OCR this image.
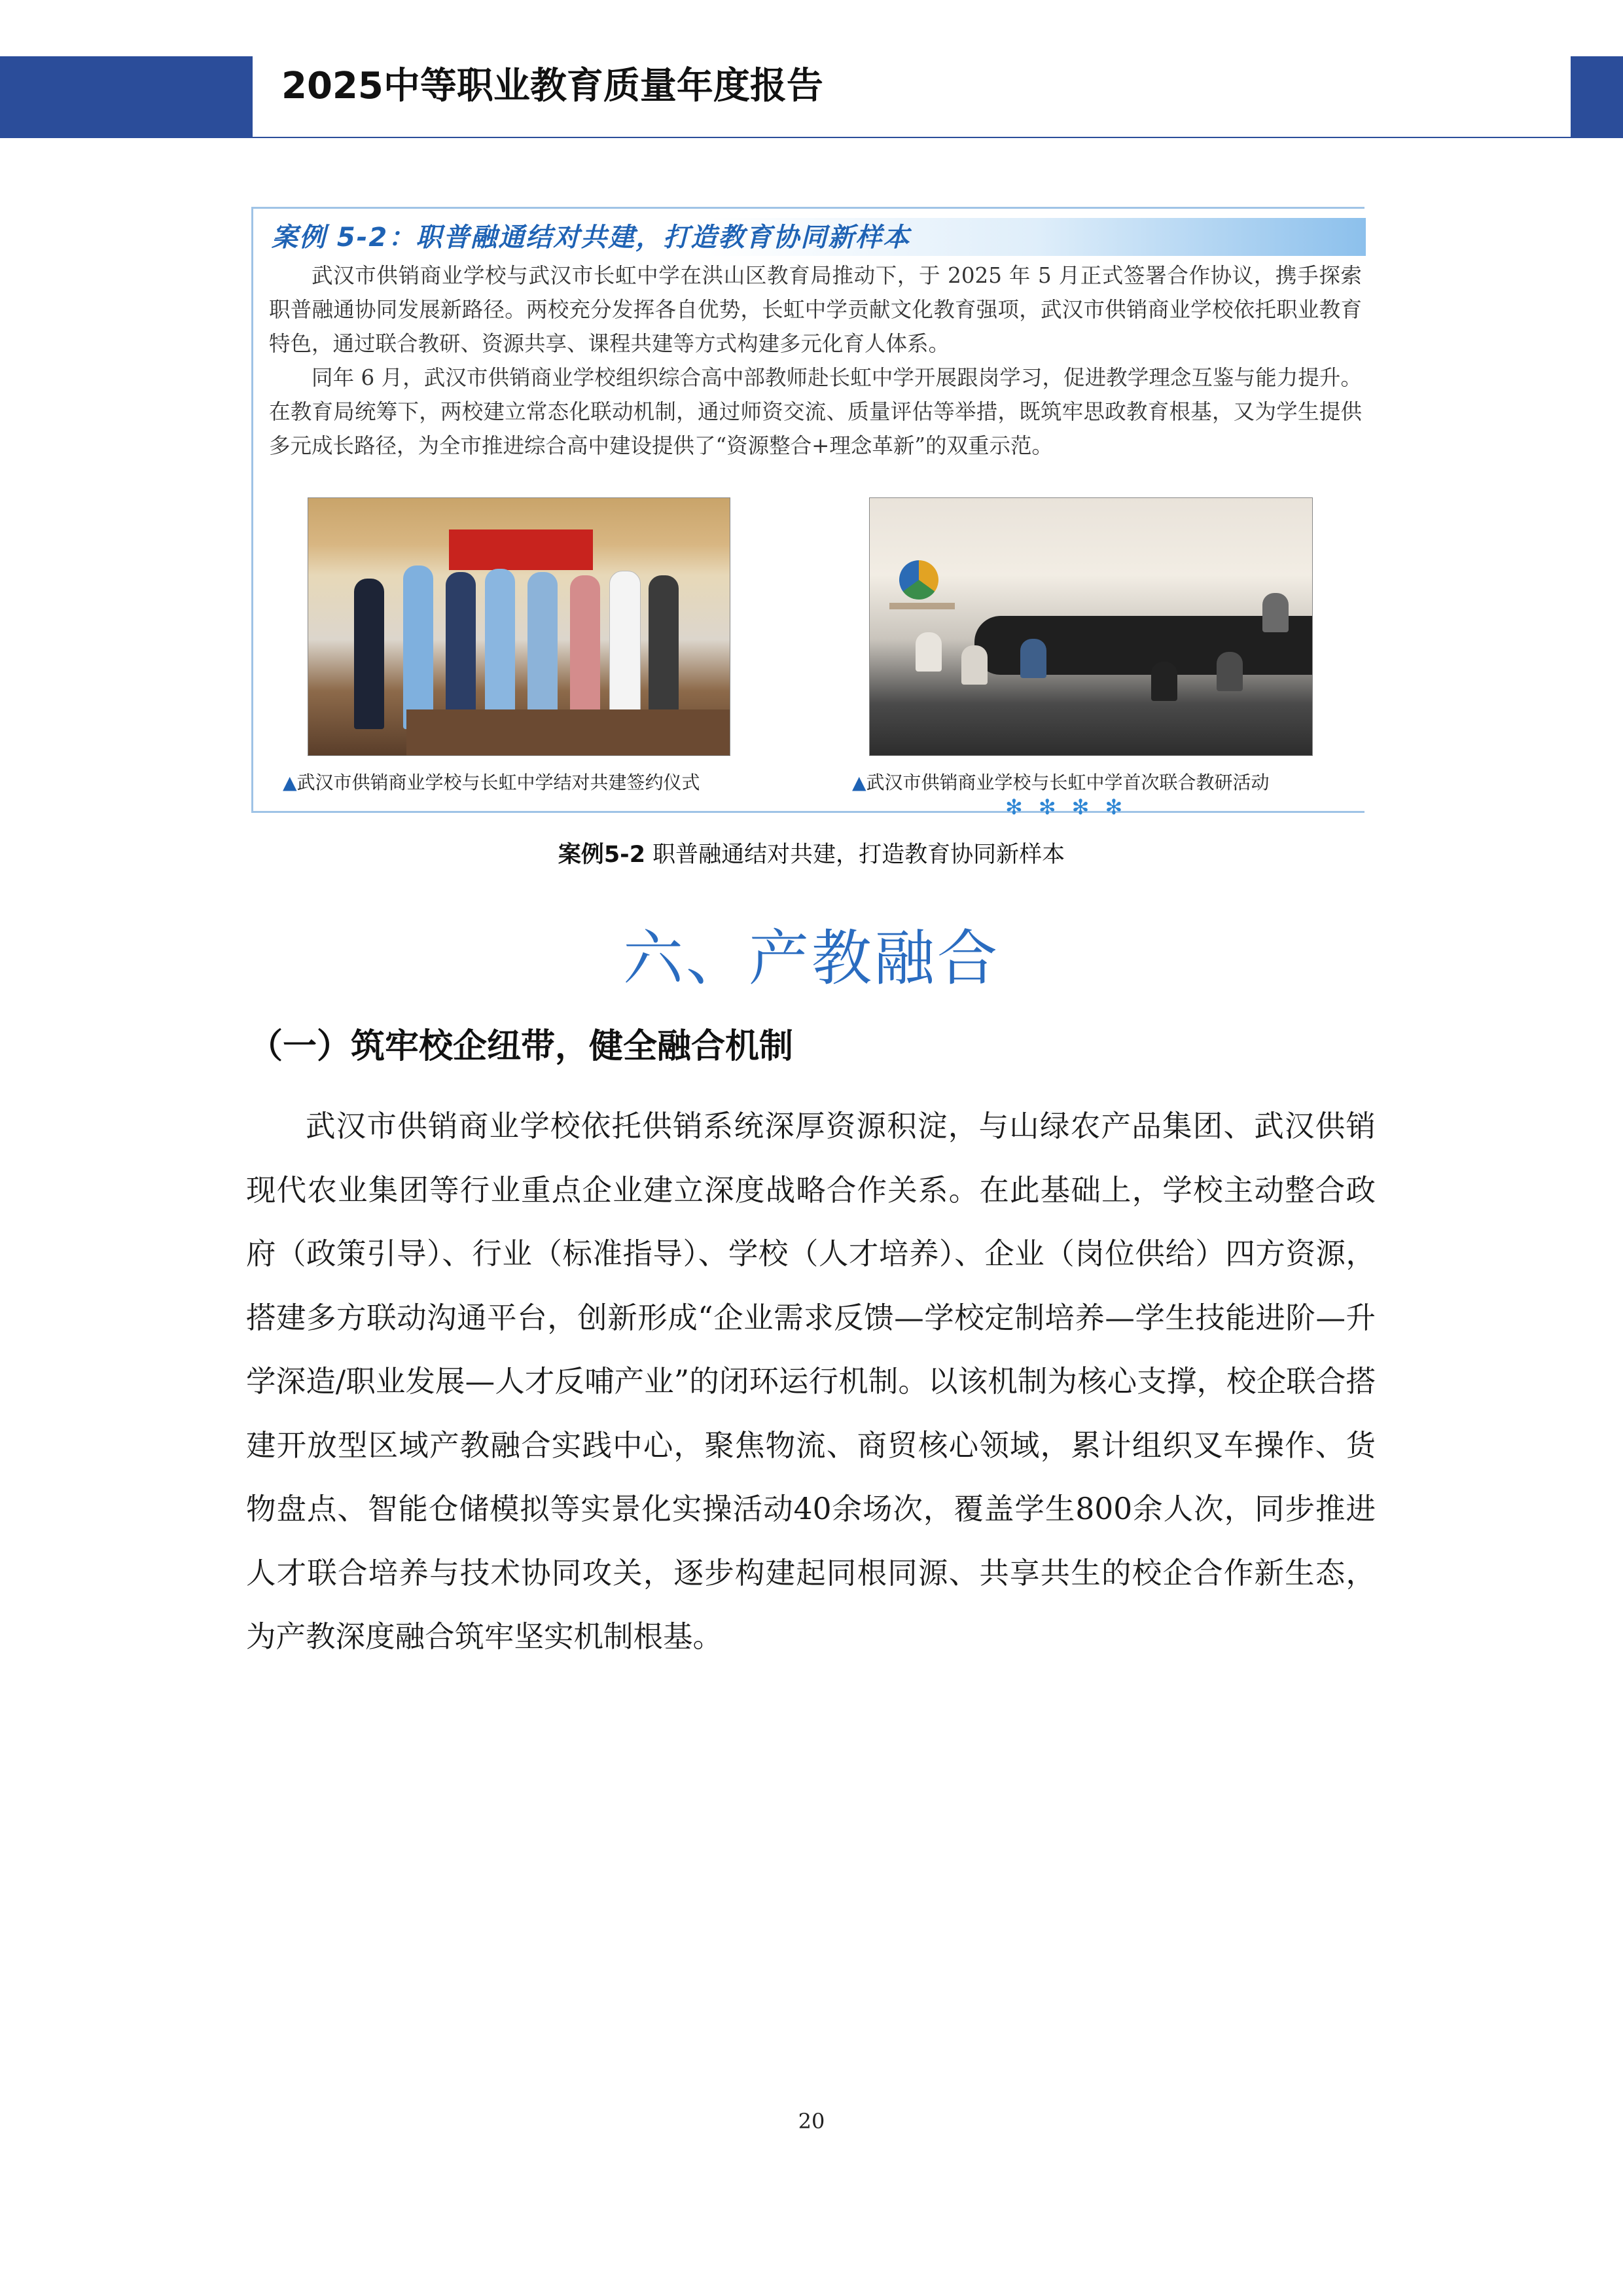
2025中等职业教育质量年度报告
案例 5-2：职普融通结对共建，打造教育协同新样本

武汉市供销商业学校与武汉市长虹中学在洪山区教育局推动下，于 2025 年 5 月正式签署合作协议，携手探索职普融通协同发展新路径。两校充分发挥各自优势，长虹中学贡献文化教育强项，武汉市供销商业学校依托职业教育特色，通过联合教研、资源共享、课程共建等方式构建多元化育人体系。

同年 6 月，武汉市供销商业学校组织综合高中部教师赴长虹中学开展跟岗学习，促进教学理念互鉴与能力提升。在教育局统筹下，两校建立常态化联动机制，通过师资交流、质量评估等举措，既筑牢思政教育根基，又为学生提供多元成长路径，为全市推进综合高中建设提供了“资源整合+理念革新”的双重示范。

▲武汉市供销商业学校与长虹中学结对共建签约仪式	▲武汉市供销商业学校与长虹中学首次联合教研活动
✻✻✻✻
案例5-2 职普融通结对共建，打造教育协同新样本
六、产教融合
（一）筑牢校企纽带，健全融合机制

武汉市供销商业学校依托供销系统深厚资源积淀，与山绿农产品集团、武汉供销现代农业集团等行业重点企业建立深度战略合作关系。在此基础上，学校主动整合政府（政策引导）、行业（标准指导）、学校（人才培养）、企业（岗位供给）四方资源，搭建多方联动沟通平台，创新形成“企业需求反馈—学校定制培养—学生技能进阶—升学深造/职业发展—人才反哺产业”的闭环运行机制。以该机制为核心支撑，校企联合搭建开放型区域产教融合实践中心，聚焦物流、商贸核心领域，累计组织叉车操作、货物盘点、智能仓储模拟等实景化实操活动40余场次，覆盖学生800余人次，同步推进人才联合培养与技术协同攻关，逐步构建起同根同源、共享共生的校企合作新生态，为产教深度融合筑牢坚实机制根基。

20
